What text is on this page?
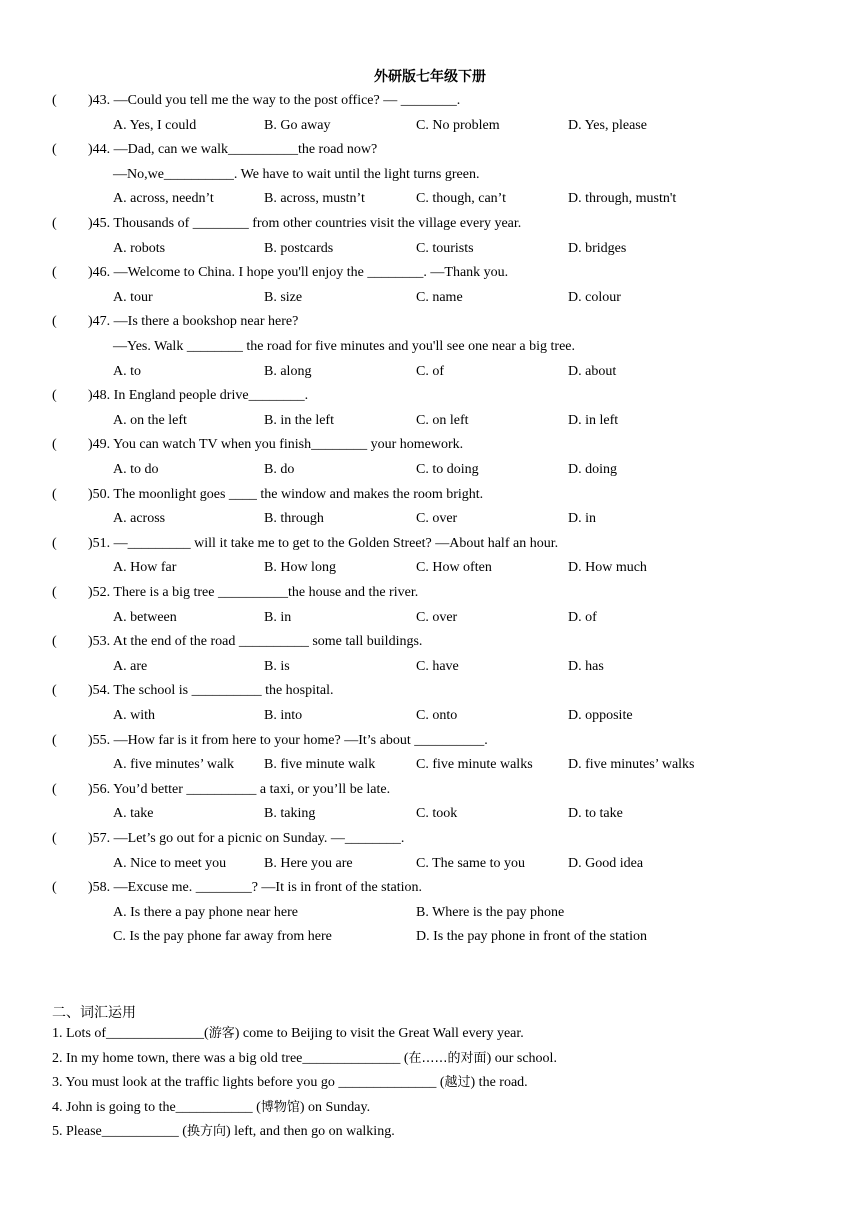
外研版七年级下册
( )43. —Could you tell me the way to the post office? — ________.
A. Yes, I could	B. Go away	C. No problem	D. Yes, please
( )44. —Dad, can we walk__________the road now?
—No,we__________. We have to wait until the light turns green.
A. across, needn’t	B. across, mustn’t	C. though, can’t	D. through, mustn't
( )45. Thousands of ________ from other countries visit the village every year.
A. robots	B. postcards	C. tourists	D. bridges
( )46. —Welcome to China. I hope you'll enjoy the ________. —Thank you.
A. tour	B. size	C. name	D. colour
( )47. —Is there a bookshop near here?
—Yes. Walk ________ the road for five minutes and you'll see one near a big tree.
A. to	B. along	C. of	D. about
( )48. In England people drive________.
A. on the left	B. in the left	C. on left	D. in left
( )49. You can watch TV when you finish________ your homework.
A. to do	B. do	C. to doing	D. doing
( )50. The moonlight goes ____ the window and makes the room bright.
A. across	B. through	C. over	D. in
( )51. —_________ will it take me to get to the Golden Street? —About half an hour.
A. How far	B. How long	C. How often	D. How much
( )52. There is a big tree __________the house and the river.
A. between	B. in	C. over	D. of
( )53. At the end of the road __________ some tall buildings.
A. are	B. is	C. have	D. has
( )54. The school is __________ the hospital.
A. with	B. into	C. onto	D. opposite
( )55. —How far is it from here to your home? —It’s about __________.
A. five minutes’ walk B. five minute walk	C. five minute walks	D. five minutes’ walks
( )56. You’d better __________ a taxi, or you’ll be late.
A. take	B. taking	C. took	D. to take
( )57. —Let’s go out for a picnic on Sunday. —________.
A. Nice to meet you	B. Here you are	C. The same to you	D. Good idea
( )58. —Excuse me. ________? —It is in front of the station.
A. Is there a pay phone near here	B. Where is the pay phone
C. Is the pay phone far away from here	D. Is the pay phone in front of the station
二、词汇运用
1. Lots of______________(游客) come to Beijing to visit the Great Wall every year.
2. In my home town, there was a big old tree______________ (在……的对面) our school.
3. You must look at the traffic lights before you go ______________ (越过) the road.
4. John is going to the___________ (博物馆) on Sunday.
5. Please___________ (换方向) left, and then go on walking.
